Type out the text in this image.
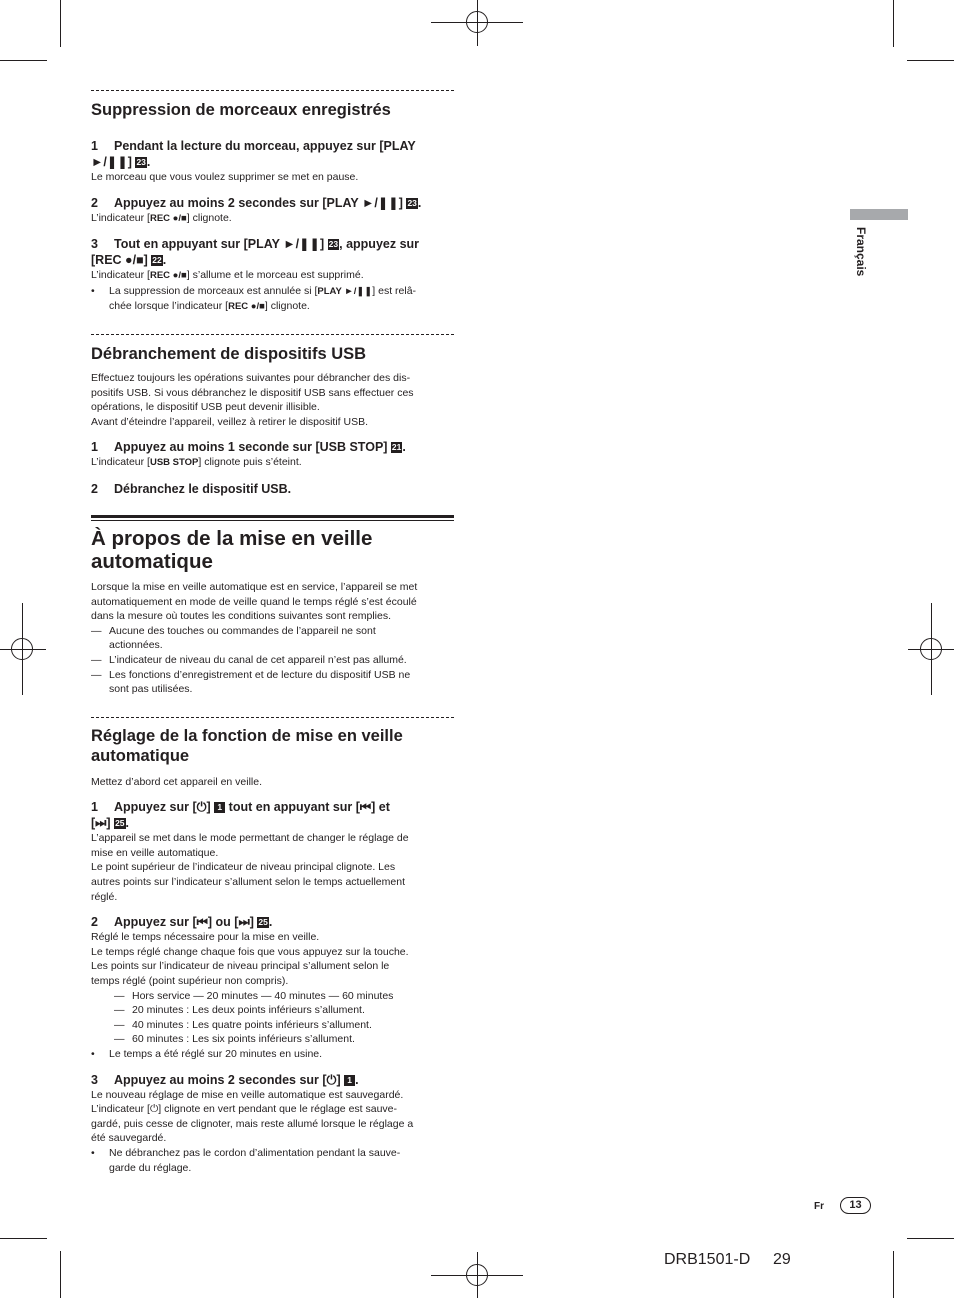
Suppression de morceaux enregistrés

1 Pendant la lecture du morceau, appuyez sur [PLAY
►/❚❚] 23.

Le morceau que vous voulez supprimer se met en pause.

2 Appuyez au moins 2 secondes sur [PLAY ►/❚❚] 23.

L’indicateur [REC ●/■] clignote.

3 Tout en appuyant sur [PLAY ►/❚❚] 23, appuyez sur
[REC ●/■] 22.

L’indicateur [REC ●/■] s’allume et le morceau est supprimé.

• La suppression de morceaux est annulée si [PLAY ►/❚❚] est relâ-
chée lorsque l’indicateur [REC ●/■] clignote.

Débranchement de dispositifs USB

Effectuez toujours les opérations suivantes pour débrancher des dis-
positifs USB. Si vous débranchez le dispositif USB sans effectuer ces
opérations, le dispositif USB peut devenir illisible.
Avant d’éteindre l’appareil, veillez à retirer le dispositif USB.

1 Appuyez au moins 1 seconde sur [USB STOP] 21.

L’indicateur [USB STOP] clignote puis s’éteint.

2 Débranchez le dispositif USB.

À propos de la mise en veille
automatique

Lorsque la mise en veille automatique est en service, l’appareil se met
automatiquement en mode de veille quand le temps réglé s’est écoulé
dans la mesure où toutes les conditions suivantes sont remplies.

— Aucune des touches ou commandes de l’appareil ne sont
actionnées.

— L’indicateur de niveau du canal de cet appareil n’est pas allumé.

— Les fonctions d’enregistrement et de lecture du dispositif USB ne
sont pas utilisées.

Réglage de la fonction de mise en veille
automatique

Mettez d’abord cet appareil en veille.

1 Appuyez sur [⏻] 1 tout en appuyant sur [⏮] et
[⏭] 25.

L’appareil se met dans le mode permettant de changer le réglage de
mise en veille automatique.
Le point supérieur de l’indicateur de niveau principal clignote. Les
autres points sur l’indicateur s’allument selon le temps actuellement
réglé.

2 Appuyez sur [⏮] ou [⏭] 25.

Réglé le temps nécessaire pour la mise en veille.
Le temps réglé change chaque fois que vous appuyez sur la touche.
Les points sur l’indicateur de niveau principal s’allument selon le
temps réglé (point supérieur non compris).

— Hors service — 20 minutes — 40 minutes — 60 minutes

— 20 minutes : Les deux points inférieurs s’allument.

— 40 minutes : Les quatre points inférieurs s’allument.

— 60 minutes : Les six points inférieurs s’allument.

• Le temps a été réglé sur 20 minutes en usine.

3 Appuyez au moins 2 secondes sur [⏻] 1 .

Le nouveau réglage de mise en veille automatique est sauvegardé.
L’indicateur [⏻] clignote en vert pendant que le réglage est sauve-
gardé, puis cesse de clignoter, mais reste allumé lorsque le réglage a
été sauvegardé.

• Ne débranchez pas le cordon d’alimentation pendant la sauve-
garde du réglage.

Français
Fr	13
DRB1501-D 29
